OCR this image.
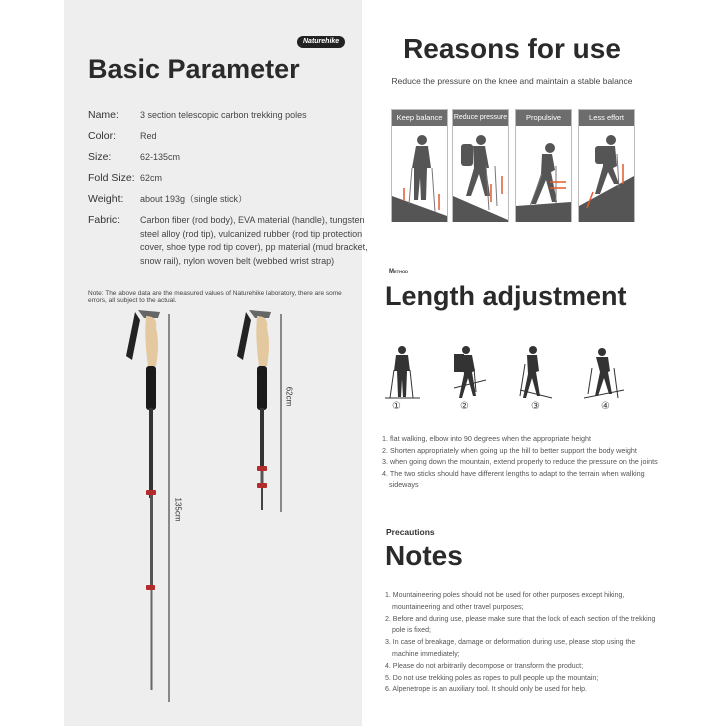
Naturehike
Basic Parameter
Name:	3 section telescopic carbon trekking poles
Color:	Red
Size:	62-135cm
Fold Size: 62cm
Weight:	about 193g（single stick）
Fabric:	Carbon fiber (rod body), EVA material (handle), tungsten steel alloy (rod tip), vulcanized rubber (rod tip protection cover, shoe type rod tip cover), pp material (mud bracket, snow rail), nylon woven belt (webbed wrist strap)
Note: The above data are the measured values of Naturehike laboratory, there are some errors, all subject to the actual.
135cm
62cm
Reasons for use
Reduce the pressure on the knee and maintain a stable balance
Keep balance	Reduce pressure	Propulsive	Less effort
Method
Length adjustment
①	②	③	④
1. flat walking, elbow into 90 degrees when the appropriate height
2. Shorten appropriately when going up the hill to better support the body weight
3. when going down the mountain, extend properly to reduce the pressure on the joints
4. The two sticks should have different lengths to adapt to the terrain when walking sideways
Precautions
Notes
1. Mountaineering poles should not be used for other purposes except hiking, mountaineering and other travel purposes;
2. Before and during use, please make sure that the lock of each section of the trekking pole is fixed;
3. In case of breakage, damage or deformation during use, please stop using the machine immediately;
4. Please do not arbitrarily decompose or transform the product;
5. Do not use trekking poles as ropes to pull people up the mountain;
6. Alpenetrope is an auxiliary tool. It should only be used for help.
